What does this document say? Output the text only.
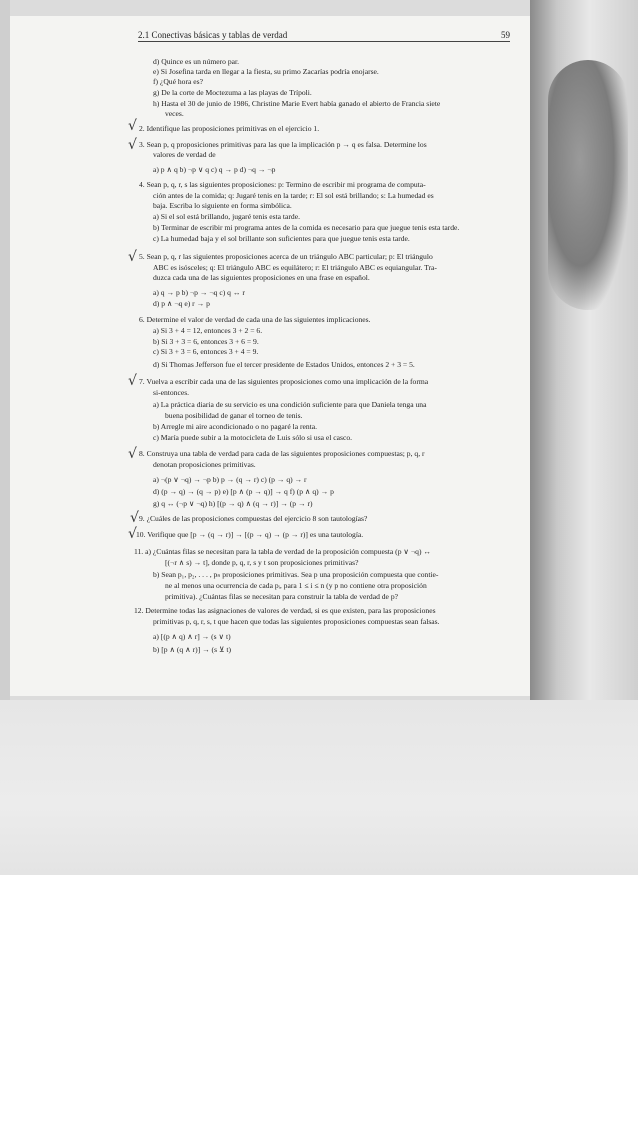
2.1 Conectivas básicas y tablas de verdad	59
√
√
√
√
√
√
√
d) Quince es un número par.
e) Si Josefina tarda en llegar a la fiesta, su primo Zacarías podría enojarse.
f) ¿Qué hora es?
g) De la corte de Moctezuma a las playas de Trípoli.
h) Hasta el 30 de junio de 1986, Christine Marie Evert había ganado el abierto de Francia siete
veces.
2. Identifique las proposiciones primitivas en el ejercicio 1.
3. Sean p, q proposiciones primitivas para las que la implicación p → q es falsa. Determine los
valores de verdad de
a) p ∧ q b) ¬p ∨ q c) q → p d) ¬q → ¬p
4. Sean p, q, r, s las siguientes proposiciones: p: Termino de escribir mi programa de computa-
ción antes de la comida; q: Jugaré tenis en la tarde; r: El sol está brillando; s: La humedad es
baja. Escriba lo siguiente en forma simbólica.
a) Si el sol está brillando, jugaré tenis esta tarde.
b) Terminar de escribir mi programa antes de la comida es necesario para que juegue tenis esta tarde.
c) La humedad baja y el sol brillante son suficientes para que juegue tenis esta tarde.
5. Sean p, q, r las siguientes proposiciones acerca de un triángulo ABC particular; p: El triángulo
ABC es isósceles; q: El triángulo ABC es equilátero; r: El triángulo ABC es equiangular. Tra-
duzca cada una de las siguientes proposiciones en una frase en español.
a) q → p b) ¬p → ¬q c) q ↔ r
d) p ∧ ¬q e) r → p
6. Determine el valor de verdad de cada una de las siguientes implicaciones.
a) Si 3 + 4 = 12, entonces 3 + 2 = 6.
b) Si 3 + 3 = 6, entonces 3 + 6 = 9.
c) Si 3 + 3 = 6, entonces 3 + 4 = 9.
d) Si Thomas Jefferson fue el tercer presidente de Estados Unidos, entonces 2 + 3 = 5.
7. Vuelva a escribir cada una de las siguientes proposiciones como una implicación de la forma
si-entonces.
a) La práctica diaria de su servicio es una condición suficiente para que Daniela tenga una
buena posibilidad de ganar el torneo de tenis.
b) Arregle mi aire acondicionado o no pagaré la renta.
c) María puede subir a la motocicleta de Luis sólo si usa el casco.
8. Construya una tabla de verdad para cada de las siguientes proposiciones compuestas; p, q, r
denotan proposiciones primitivas.
a) ¬(p ∨ ¬q) → ¬p b) p → (q → r) c) (p → q) → r
d) (p → q) → (q → p) e) [p ∧ (p → q)] → q f) (p ∧ q) → p
g) q ↔ (¬p ∨ ¬q) h) [(p → q) ∧ (q → r)] → (p → r)
9. ¿Cuáles de las proposiciones compuestas del ejercicio 8 son tautologías?
10. Verifique que [p → (q → r)] → [(p → q) → (p → r)] es una tautología.
11. a) ¿Cuántas filas se necesitan para la tabla de verdad de la proposición compuesta (p ∨ ¬q) ↔
[(¬r ∧ s) → t], donde p, q, r, s y t son proposiciones primitivas?
b) Sean p₁, p₂, . . . , pₙ proposiciones primitivas. Sea p una proposición compuesta que contie-
ne al menos una ocurrencia de cada pᵢ, para 1 ≤ i ≤ n (y p no contiene otra proposición
primitiva). ¿Cuántas filas se necesitan para construir la tabla de verdad de p?
12. Determine todas las asignaciones de valores de verdad, si es que existen, para las proposiciones
primitivas p, q, r, s, t que hacen que todas las siguientes proposiciones compuestas sean falsas.
a) [(p ∧ q) ∧ r] → (s ∨ t)
b) [p ∧ (q ∧ r)] → (s ⊻ t)
